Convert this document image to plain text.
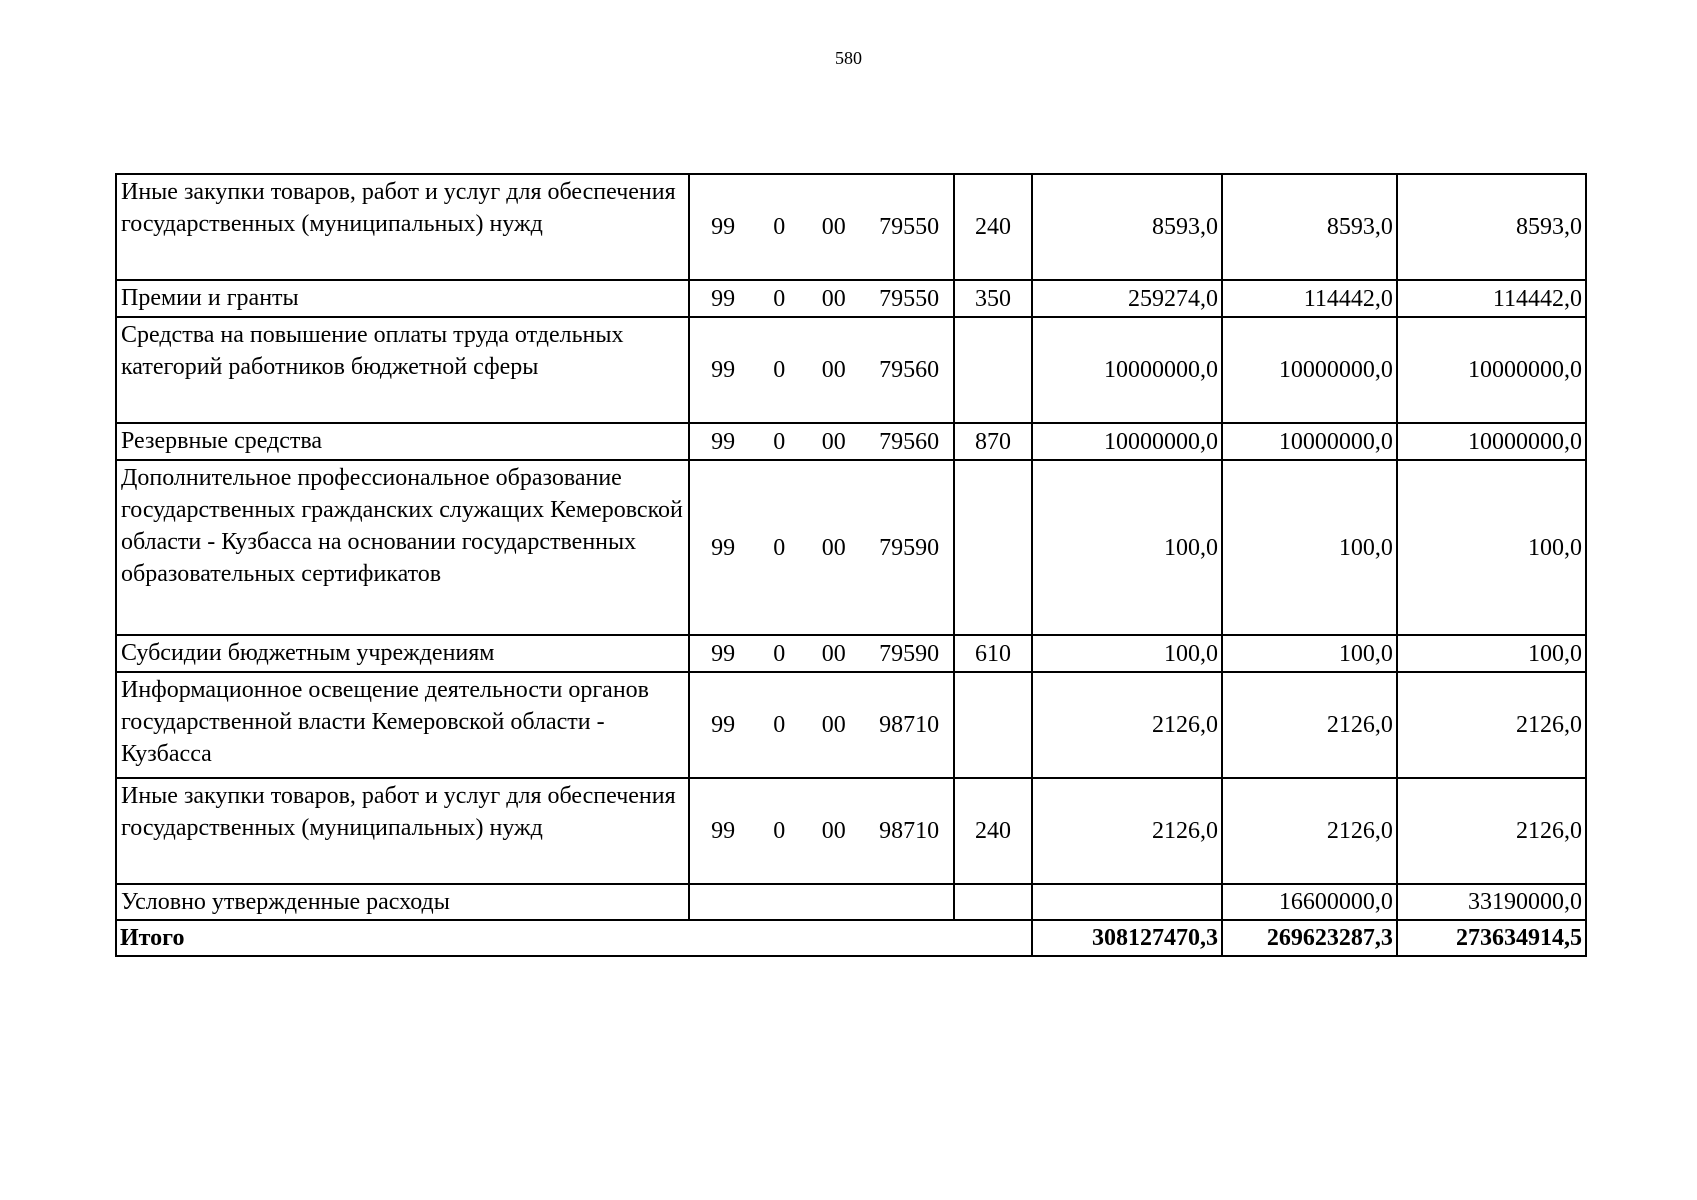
580
Иные закупки товаров, работ и услуг для обеспечения государственных (муниципальных) нужд	99	0	00	79550	240	8593,0	8593,0	8593,0
Премии и гранты	99	0	00	79550	350	259274,0	114442,0	114442,0
Средства на повышение оплаты труда отдельных категорий работников бюджетной сферы	99	0	00	79560		10000000,0	10000000,0	10000000,0
Резервные средства	99	0	00	79560	870	10000000,0	10000000,0	10000000,0
Дополнительное профессиональное образование государственных гражданских служащих Кемеровской области - Кузбасса на основании государственных образовательных сертификатов	99	0	00	79590		100,0	100,0	100,0
Субсидии бюджетным учреждениям	99	0	00	79590	610	100,0	100,0	100,0
Информационное освещение деятельности органов государственной власти Кемеровской области - Кузбасса	99	0	00	98710		2126,0	2126,0	2126,0
Иные закупки товаров, работ и услуг для обеспечения государственных (муниципальных) нужд	99	0	00	98710	240	2126,0	2126,0	2126,0
Условно утвержденные расходы							16600000,0	33190000,0
Итого						308127470,3	269623287,3	273634914,5
